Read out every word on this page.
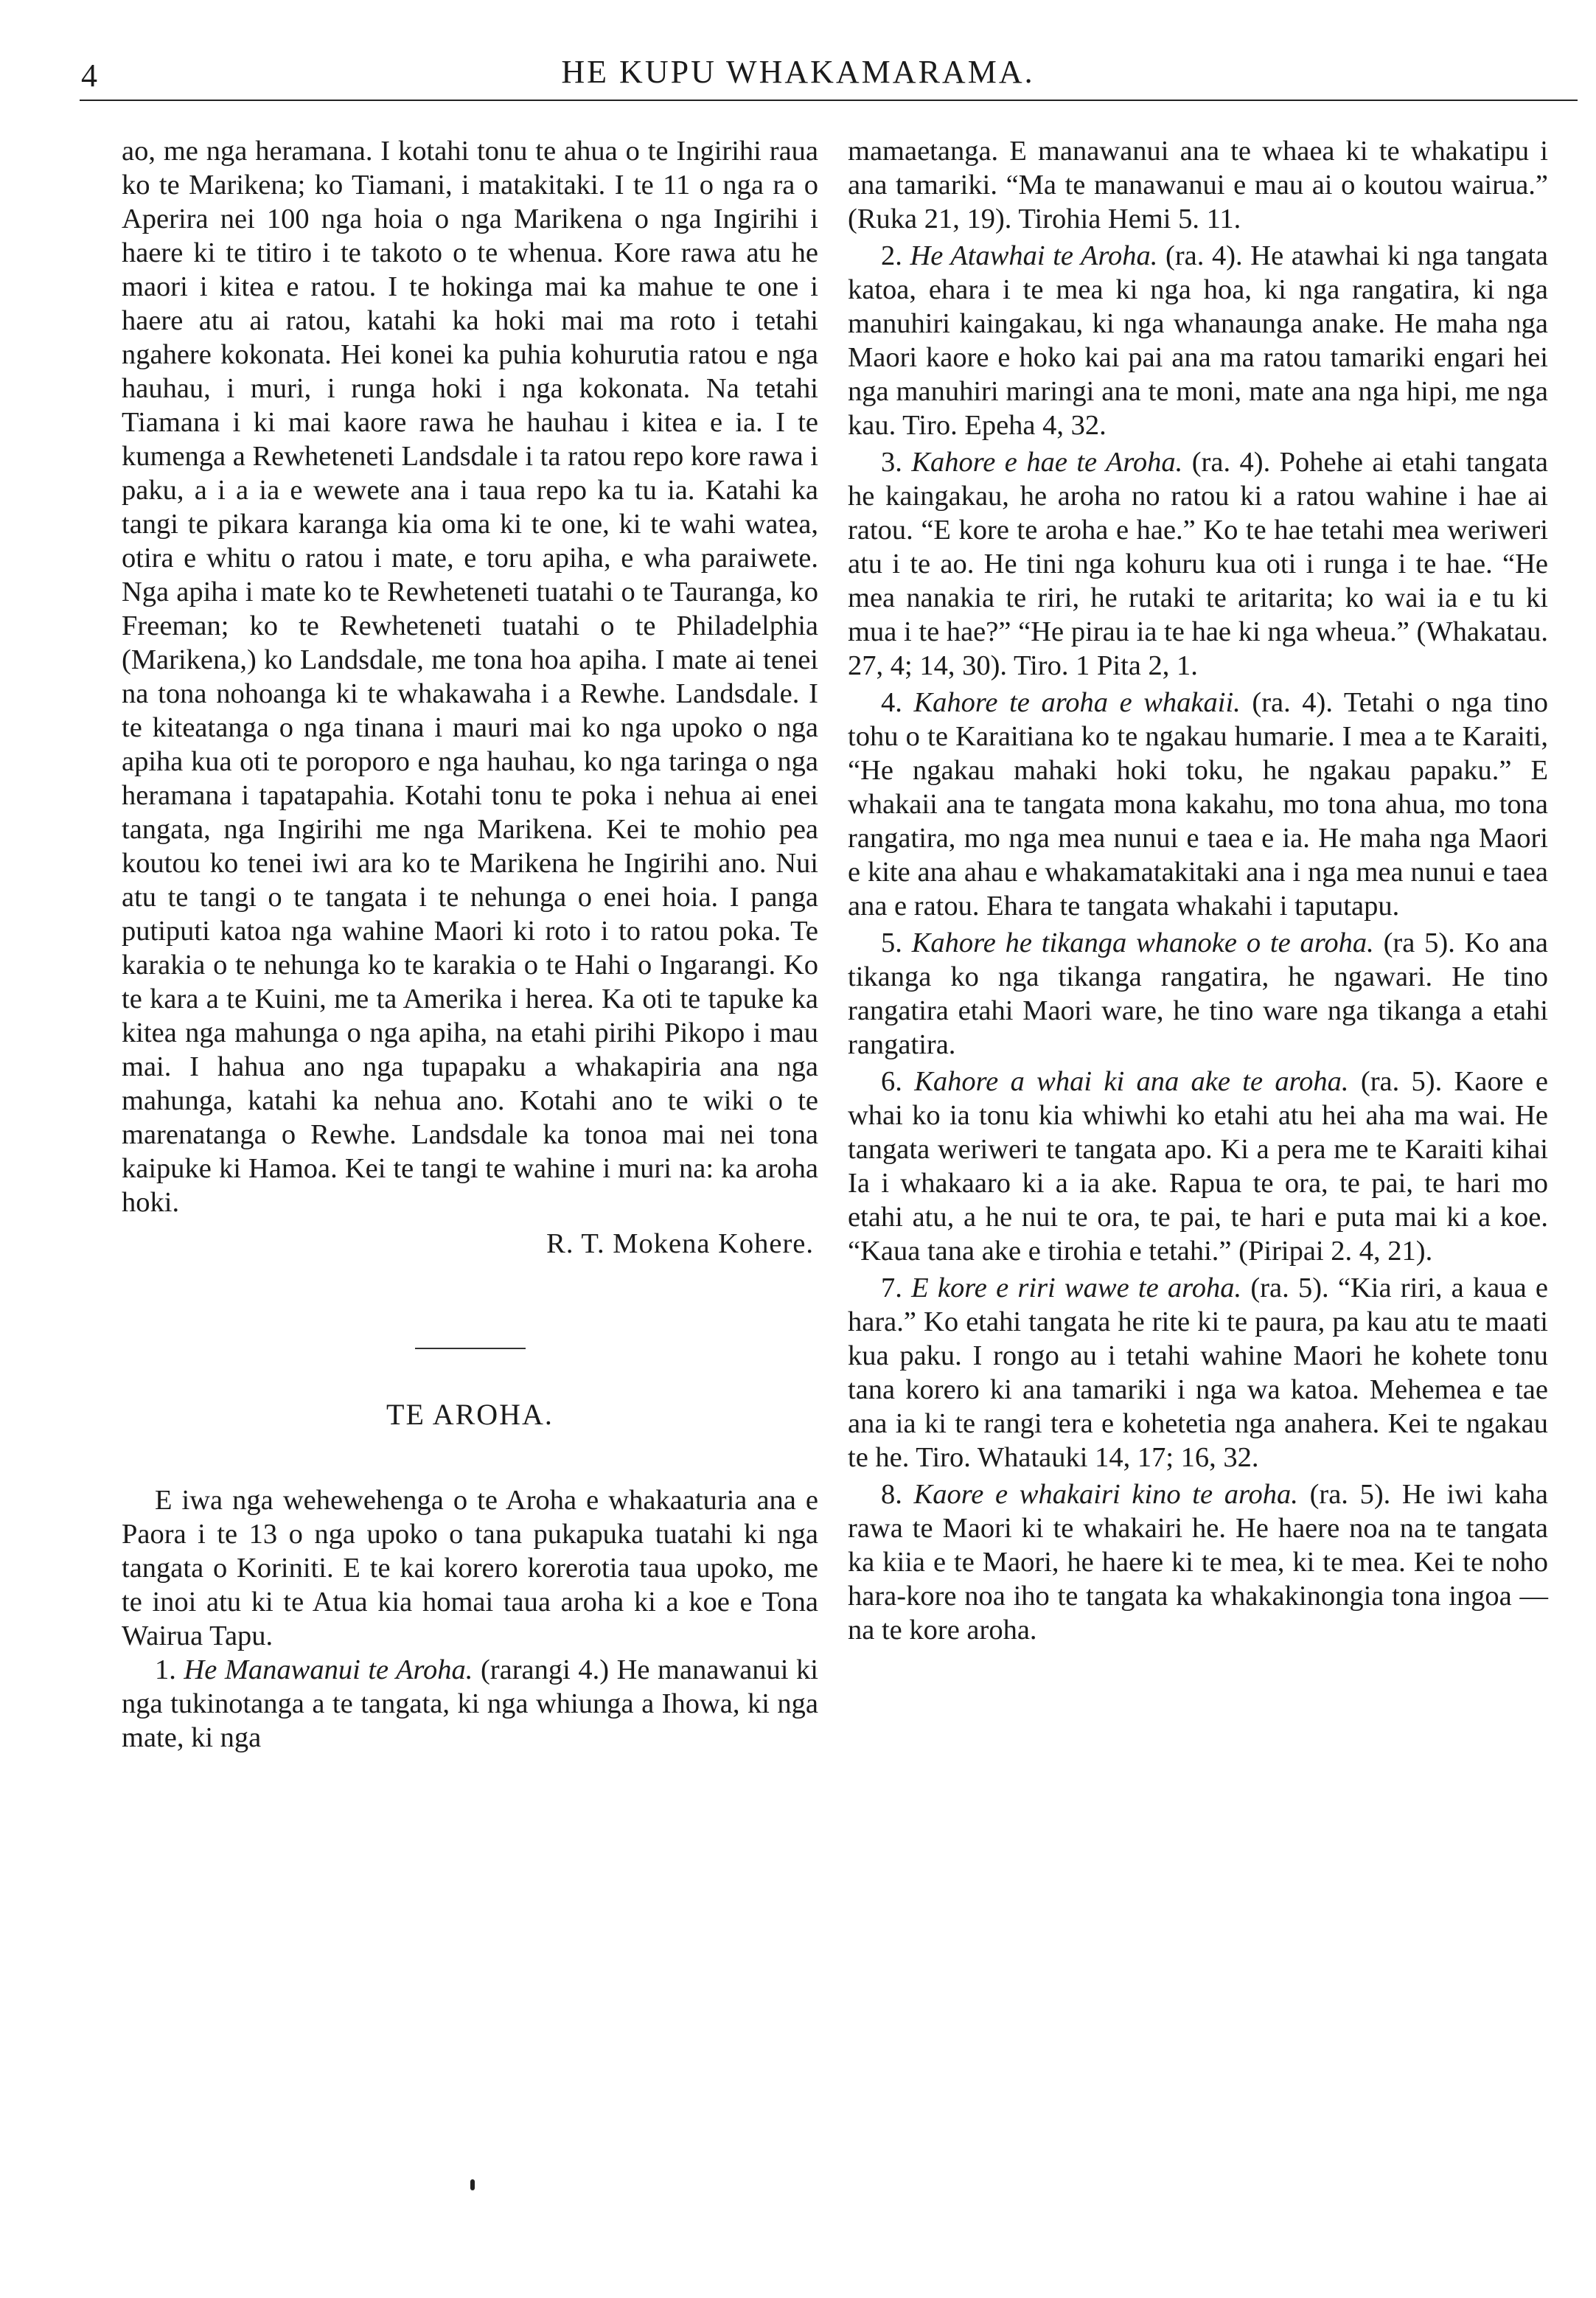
4	HE KUPU WHAKAMARAMA.

ao, me nga heramana. I kotahi tonu te ahua o te Ingirihi raua ko te Marikena; ko Tiamani, i matakitaki. I te 11 o nga ra o Aperira nei 100 nga hoia o nga Marikena o nga Ingirihi i haere ki te titiro i te takoto o te whenua. Kore rawa atu he maori i kitea e ratou. I te hokinga mai ka mahue te one i haere atu ai ratou, katahi ka hoki mai ma roto i tetahi ngahere kokonata. Hei konei ka puhia kohurutia ratou e nga hauhau, i muri, i runga hoki i nga kokonata. Na tetahi Tiamana i ki mai kaore rawa he hauhau i kitea e ia. I te kumenga a Rewheteneti Landsdale i ta ratou repo kore rawa i paku, a i a ia e wewete ana i taua repo ka tu ia. Katahi ka tangi te pikara karanga kia oma ki te one, ki te wahi watea, otira e whitu o ratou i mate, e toru apiha, e wha paraiwete. Nga apiha i mate ko te Rewheteneti tuatahi o te Tauranga, ko Freeman; ko te Rewheteneti tuatahi o te Philadelphia (Marikena,) ko Landsdale, me tona hoa apiha. I mate ai tenei na tona nohoanga ki te whakawaha i a Rewhe. Landsdale. I te kiteatanga o nga tinana i mauri mai ko nga upoko o nga apiha kua oti te poroporo e nga hauhau, ko nga taringa o nga heramana i tapatapahia. Kotahi tonu te poka i nehua ai enei tangata, nga Ingirihi me nga Marikena. Kei te mohio pea koutou ko tenei iwi ara ko te Marikena he Ingirihi ano. Nui atu te tangi o te tangata i te nehunga o enei hoia. I panga putiputi katoa nga wahine Maori ki roto i to ratou poka. Te karakia o te nehunga ko te karakia o te Hahi o Ingarangi. Ko te kara a te Kuini, me ta Amerika i herea. Ka oti te tapuke ka kitea nga mahunga o nga apiha, na etahi pirihi Pikopo i mau mai. I hahua ano nga tupapaku a whakapiria ana nga mahunga, katahi ka nehua ano. Kotahi ano te wiki o te marenatanga o Rewhe. Landsdale ka tonoa mai nei tona kaipuke ki Hamoa. Kei te tangi te wahine i muri na: ka aroha hoki.

R. T. Mokena Kohere.

TE AROHA.

E iwa nga wehewehenga o te Aroha e whakaaturia ana e Paora i te 13 o nga upoko o tana pukapuka tuatahi ki nga tangata o Koriniti. E te kai korero korerotia taua upoko, me te inoi atu ki te Atua kia homai taua aroha ki a koe e Tona Wairua Tapu.

1. He Manawanui te Aroha. (rarangi 4.) He manawanui ki nga tukinotanga a te tangata, ki nga whiunga a Ihowa, ki nga mate, ki nga

mamaetanga. E manawanui ana te whaea ki te whakatipu i ana tamariki. “Ma te manawanui e mau ai o koutou wairua.” (Ruka 21, 19). Tirohia Hemi 5. 11.

2. He Atawhai te Aroha. (ra. 4). He atawhai ki nga tangata katoa, ehara i te mea ki nga hoa, ki nga rangatira, ki nga manuhiri kaingakau, ki nga whanaunga anake. He maha nga Maori kaore e hoko kai pai ana ma ratou tamariki engari hei nga manuhiri maringi ana te moni, mate ana nga hipi, me nga kau. Tiro. Epeha 4, 32.

3. Kahore e hae te Aroha. (ra. 4). Pohehe ai etahi tangata he kaingakau, he aroha no ratou ki a ratou wahine i hae ai ratou. “E kore te aroha e hae.” Ko te hae tetahi mea weriweri atu i te ao. He tini nga kohuru kua oti i runga i te hae. “He mea nanakia te riri, he rutaki te aritarita; ko wai ia e tu ki mua i te hae?” “He pirau ia te hae ki nga wheua.” (Whakatau. 27, 4; 14, 30). Tiro. 1 Pita 2, 1.

4. Kahore te aroha e whakaii. (ra. 4). Tetahi o nga tino tohu o te Karaitiana ko te ngakau humarie. I mea a te Karaiti, “He ngakau mahaki hoki toku, he ngakau papaku.” E whakaii ana te tangata mona kakahu, mo tona ahua, mo tona rangatira, mo nga mea nunui e taea e ia. He maha nga Maori e kite ana ahau e whakamatakitaki ana i nga mea nunui e taea ana e ratou. Ehara te tangata whakahi i taputapu.

5. Kahore he tikanga whanoke o te aroha. (ra 5). Ko ana tikanga ko nga tikanga rangatira, he ngawari. He tino rangatira etahi Maori ware, he tino ware nga tikanga a etahi rangatira.

6. Kahore a whai ki ana ake te aroha. (ra. 5). Kaore e whai ko ia tonu kia whiwhi ko etahi atu hei aha ma wai. He tangata weriweri te tangata apo. Ki a pera me te Karaiti kihai Ia i whakaaro ki a ia ake. Rapua te ora, te pai, te hari mo etahi atu, a he nui te ora, te pai, te hari e puta mai ki a koe. “Kaua tana ake e tirohia e tetahi.” (Piripai 2. 4, 21).

7. E kore e riri wawe te aroha. (ra. 5). “Kia riri, a kaua e hara.” Ko etahi tangata he rite ki te paura, pa kau atu te maati kua paku. I rongo au i tetahi wahine Maori he kohete tonu tana korero ki ana tamariki i nga wa katoa. Mehemea e tae ana ia ki te rangi tera e kohetetia nga anahera. Kei te ngakau te he. Tiro. Whatauki 14, 17; 16, 32.

8. Kaore e whakairi kino te aroha. (ra. 5). He iwi kaha rawa te Maori ki te whakairi he. He haere noa na te tangata ka kiia e te Maori, he haere ki te mea, ki te mea. Kei te noho hara-kore noa iho te tangata ka whakakinongia tona ingoa — na te kore aroha.
